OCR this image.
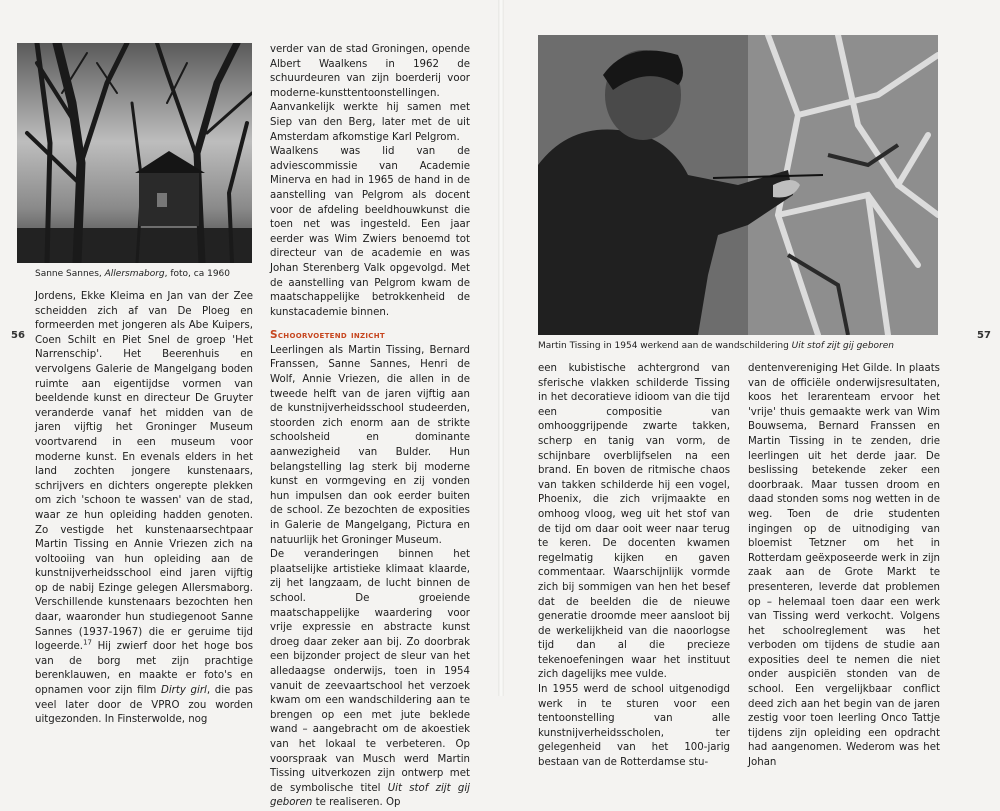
Sanne Sannes, Allersmaborg, foto, ca 1960
56

Jordens, Ekke Kleima en Jan van der Zee scheidden zich af van De Ploeg en formeerden met jongeren als Abe Kuipers, Coen Schilt en Piet Snel de groep 'Het Narrenschip'. Het Beerenhuis en vervolgens Galerie de Mangelgang boden ruimte aan eigentijdse vormen van beeldende kunst en directeur De Gruyter veranderde vanaf het midden van de jaren vijftig het Groninger Museum voortvarend in een museum voor moderne kunst. En evenals elders in het land zochten jongere kunstenaars, schrijvers en dichters ongerepte plekken om zich 'schoon te wassen' van de stad, waar ze hun opleiding hadden genoten. Zo vestigde het kunstenaarsechtpaar Martin Tissing en Annie Vriezen zich na voltooiing van hun opleiding aan de kunstnijverheidsschool eind jaren vijftig op de nabij Ezinge gelegen Allersmaborg. Verschillende kunstenaars bezochten hen daar, waaronder hun studiegenoot Sanne Sannes (1937-1967) die er geruime tijd logeerde.$^{17}$ Hij zwierf door het hoge bos van de borg met zijn prachtige berenklauwen, en maakte er foto's en opnamen voor zijn film Dirty girl, die pas veel later door de VPRO zou worden uitgezonden. In Finsterwolde, nog

verder van de stad Groningen, opende Albert Waalkens in 1962 de schuurdeuren van zijn boerderij voor moderne-kunsttentoonstellingen. Aanvankelijk werkte hij samen met Siep van den Berg, later met de uit Amsterdam afkomstige Karl Pelgrom.

Waalkens was lid van de adviescommissie van Academie Minerva en had in 1965 de hand in de aanstelling van Pelgrom als docent voor de afdeling beeldhouwkunst die toen net was ingesteld. Een jaar eerder was Wim Zwiers benoemd tot directeur van de academie en was Johan Sterenberg Valk opgevolgd. Met de aanstelling van Pelgrom kwam de maatschappelijke betrokkenheid de kunstacademie binnen.

Schoorvoetend inzicht

Leerlingen als Martin Tissing, Bernard Franssen, Sanne Sannes, Henri de Wolf, Annie Vriezen, die allen in de tweede helft van de jaren vijftig aan de kunstnijverheidsschool studeerden, stoorden zich enorm aan de strikte schoolsheid en dominante aanwezigheid van Bulder. Hun belangstelling lag sterk bij moderne kunst en vormgeving en zij vonden hun impulsen dan ook eerder buiten de school. Ze bezochten de exposities in Galerie de Mangelgang, Pictura en natuurlijk het Groninger Museum.

De veranderingen binnen het plaatselijke artistieke klimaat klaarde, zij het langzaam, de lucht binnen de school. De groeiende maatschappelijke waardering voor vrije expressie en abstracte kunst droeg daar zeker aan bij. Zo doorbrak een bijzonder project de sleur van het alledaagse onderwijs, toen in 1954 vanuit de zeevaartschool het verzoek kwam om een wandschildering aan te brengen op een met jute beklede wand – aangebracht om de akoestiek van het lokaal te verbeteren. Op voorspraak van Musch werd Martin Tissing uitverkozen zijn ontwerp met de symbolische titel Uit stof zijt gij geboren te realiseren. Op

Martin Tissing in 1954 werkend aan de wandschildering Uit stof zijt gij geboren
57

een kubistische achtergrond van sferische vlakken schilderde Tissing in het decoratieve idioom van die tijd een compositie van omhooggrijpende zwarte takken, scherp en tanig van vorm, de schijnbare overblijfselen na een brand. En boven de ritmische chaos van takken schilderde hij een vogel, Phoenix, die zich vrijmaakte en omhoog vloog, weg uit het stof van de tijd om daar ooit weer naar terug te keren. De docenten kwamen regelmatig kijken en gaven commentaar. Waarschijnlijk vormde zich bij sommigen van hen het besef dat de beelden die de nieuwe generatie droomde meer aansloot bij de werkelijkheid van die naoorlogse tijd dan al die precieze tekenoefeningen waar het instituut zich dagelijks mee vulde.

In 1955 werd de school uitgenodigd werk in te sturen voor een tentoonstelling van alle kunstnijverheidsscholen, ter gelegenheid van het 100-jarig bestaan van de Rotterdamse stu-

dentenvereniging Het Gilde. In plaats van de officiële onderwijsresultaten, koos het lerarenteam ervoor het 'vrije' thuis gemaakte werk van Wim Bouwsema, Bernard Franssen en Martin Tissing in te zenden, drie leerlingen uit het derde jaar. De beslissing betekende zeker een doorbraak. Maar tussen droom en daad stonden soms nog wetten in de weg. Toen de drie studenten ingingen op de uitnodiging van bloemist Tetzner om het in Rotterdam geëxposeerde werk in zijn zaak aan de Grote Markt te presenteren, leverde dat problemen op – helemaal toen daar een werk van Tissing werd verkocht. Volgens het schoolreglement was het verboden om tijdens de studie aan exposities deel te nemen die niet onder auspiciën stonden van de school. Een vergelijkbaar conflict deed zich aan het begin van de jaren zestig voor toen leerling Onco Tattje tijdens zijn opleiding een opdracht had aangenomen. Wederom was het Johan
